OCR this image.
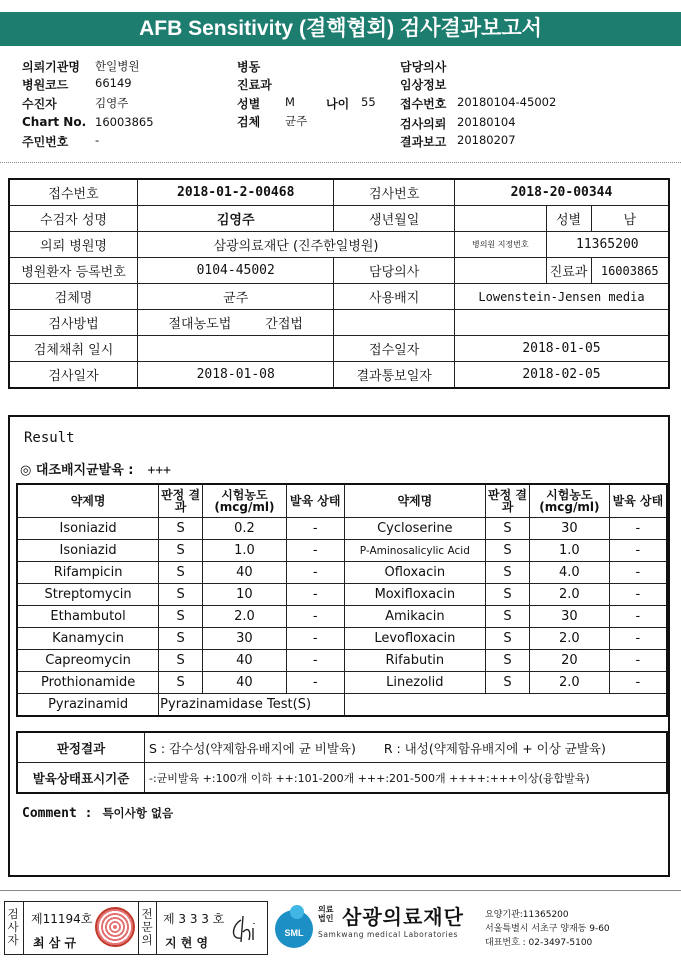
AFB Sensitivity (결핵협회) 검사결과보고서
의뢰기관명 한일병원
병원코드 66149
수진자	김영주
Chart No. 16003865
주민번호 -
병동
진료과
성별 M	나이 55
검체 균주
담당의사
임상정보
접수번호 20180104-45002
검사의뢰 20180104
결과보고 20180207
접수번호	2018-01-2-00468	검사번호	2018-20-00344		
수검자 성명	김영주	생년월일		성별	남
의뢰 병원명	삼광의료재단 (진주한일병원)		병의원 지정번호	11365200	
병원환자 등록번호	0104-45002	담당의사		진료과	16003865
검체명	균주	사용배지	Lowenstein-Jensen media		
검사방법	절대농도법 간접법				
검체채취 일시		접수일자	2018-01-05		
검사일자	2018-01-08	결과통보일자	2018-02-05		
Result
◎ 대조배지균발육 : +++
약제명	판정 결과	시험농도 (mcg/ml)	발육 상태	약제명	판정 결과	시험농도 (mcg/ml)	발육 상태
Isoniazid	S	0.2	-	Cycloserine	S	30	-
Isoniazid	S	1.0	-	P-Aminosalicylic Acid	S	1.0	-
Rifampicin	S	40	-	Ofloxacin	S	4.0	-
Streptomycin	S	10	-	Moxifloxacin	S	2.0	-
Ethambutol	S	2.0	-	Amikacin	S	30	-
Kanamycin	S	30	-	Levofloxacin	S	2.0	-
Capreomycin	S	40	-	Rifabutin	S	20	-
Prothionamide	S	40	-	Linezolid	S	2.0	-
Pyrazinamid	Pyrazinamidase Test(S)						
판정결과	S : 감수성(약제함유배지에 균 비발육) R : 내성(약제함유배지에 + 이상 균발육)
발육상태표시기준	-:균비발육 +:100개 이하 ++:101-200개 +++:201-500개 ++++:+++이상(융합발육)
Comment : 특이사항 없음
검사자
제11194호
최 삼 규
전문의
제 3 3 3 호
지 현 영
SML
의료법인 삼광의료재단
Samkwang medical Laboratories
요양기관:11365200
서울특별시 서초구 양재동 9-60
대표번호 : 02-3497-5100
